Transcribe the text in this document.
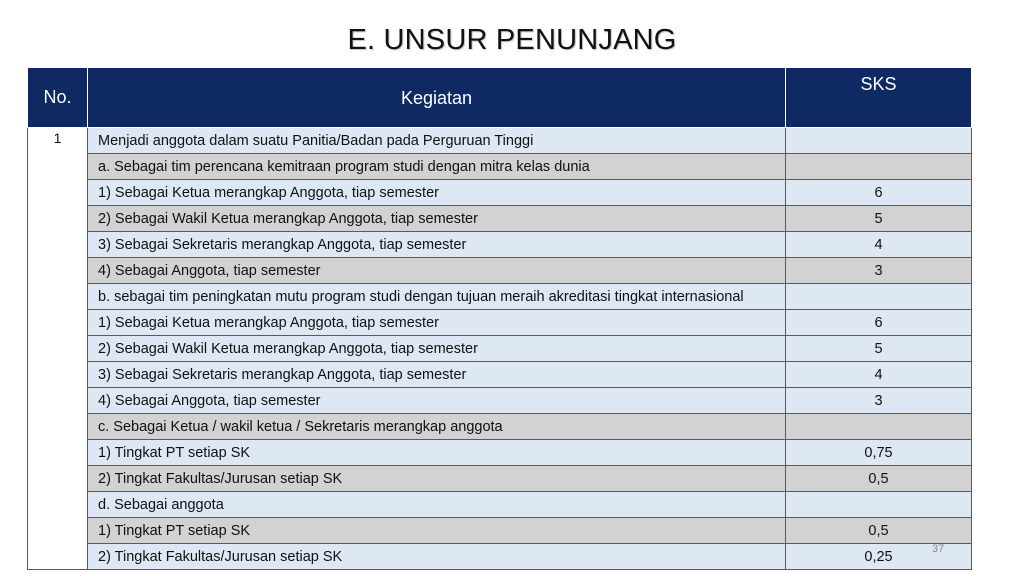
E. UNSUR PENUNJANG
No.	Kegiatan	SKS
1	Menjadi anggota dalam suatu Panitia/Badan pada Perguruan Tinggi	
	a. Sebagai tim perencana kemitraan program studi dengan mitra kelas dunia	
	1) Sebagai Ketua merangkap Anggota, tiap semester	6
	2) Sebagai Wakil Ketua merangkap Anggota, tiap semester	5
	3) Sebagai Sekretaris merangkap Anggota, tiap semester	4
	4) Sebagai Anggota, tiap semester	3
	b. sebagai tim peningkatan mutu program studi dengan tujuan meraih akreditasi tingkat internasional	
	1) Sebagai Ketua merangkap Anggota, tiap semester	6
	2) Sebagai Wakil Ketua merangkap Anggota, tiap semester	5
	3) Sebagai Sekretaris merangkap Anggota, tiap semester	4
	4) Sebagai Anggota, tiap semester	3
	c. Sebagai Ketua / wakil ketua / Sekretaris merangkap anggota	
	1) Tingkat PT setiap SK	0,75
	2) Tingkat Fakultas/Jurusan setiap SK	0,5
	d. Sebagai anggota	
	1) Tingkat PT setiap SK	0,5
	2) Tingkat Fakultas/Jurusan setiap SK	0,25	37
